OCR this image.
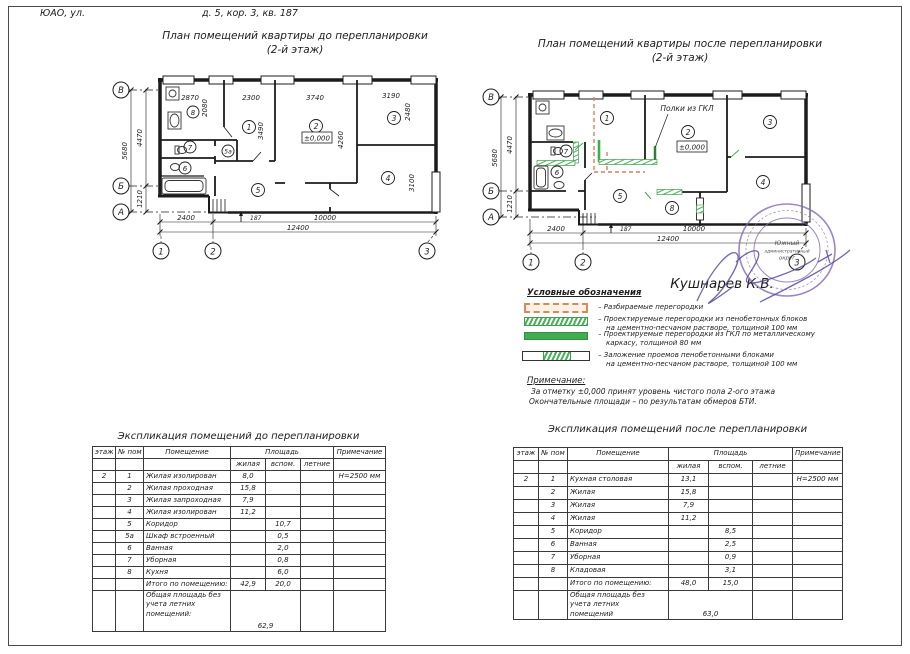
ЮАО, ул.	д. 5, кор. 3, кв. 187
План помещений квартиры до перепланировки
(2-й этаж)	План помещений квартиры после перепланировки
(2-й этаж)
1	2
3
4
5
5а
6
7
8
±0,000
2870	2300	3740	3190
2080	2480
3490
4260
3100
5680
4470
1210
2400	187	10000
12400
В
Б
А
1	2	3
1
2
3
4
5
6
7
8
±0,000
Полки из ГКЛ
5680
4470
1210
2400	187	10000
12400
В
Б
А
1	2	3
Кушнарев К.В.
Южный
административный
округ
Условные обозначения
– Разбираемые перегородки
– Проектируемые перегородки из пенобетонных блоков
на цементно-песчаном растворе, толщиной 100 мм
– Проектируемые перегородки из ГКЛ по металлическому
каркасу, толщиной 80 мм
– Заложение проемов пенобетонными блоками
на цементно-песчаном растворе, толщиной 100 мм
Примечание:
За отметку ±0,000 принят уровень чистого пола 2-ого этажа
Окончательные площади – по результатам обмеров БТИ.
Экспликация помещений до перепланировки
этаж	№ пом	Помещение	Площадь			Примечание
			жилая	вспом.	летние	
2	1	Жилая изолирован	8,0			Н=2500 мм
	2	Жилая проходная	15,8			
	3	Жилая запроходная	7,9			
	4	Жилая изолирован	11,2			
	5	Коридор		10,7		
	5а	Шкаф встроенный		0,5		
	6	Ванная		2,0		
	7	Уборная		0,8		
	8	Кухня		6,0		
		Итого по помещению:	42,9	20,0		
		Общая площадь без
учета летних
помещений:	62,9			
Экспликация помещений после перепланировки
этаж	№ пом	Помещение	Площадь			Примечание
			жилая	вспом.	летние	
2	1	Кухная столовая	13,1			Н=2500 мм
	2	Жилая	15,8			
	3	Жилая	7,9			
	4	Жилая	11,2			
	5	Коридор		8,5		
	6	Ванная		2,5		
	7	Уборная		0,9		
	8	Кладовая		3,1		
		Итого по помещению:	48,0	15,0		
		Общая площадь без
учета летних
помещений	63,0			
